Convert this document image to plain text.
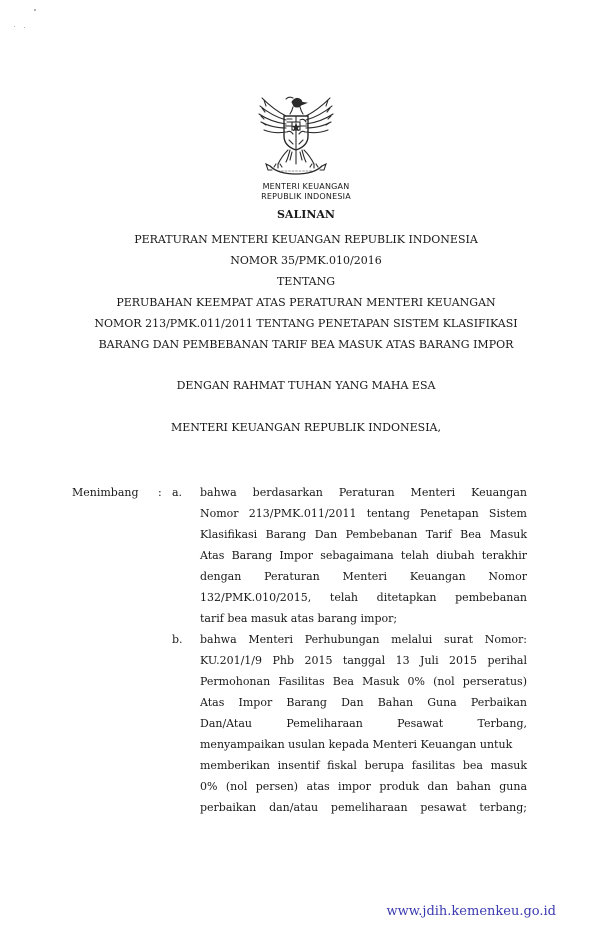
MENTERI KEUANGAN
REPUBLIK INDONESIA
SALINAN
PERATURAN MENTERI KEUANGAN REPUBLIK INDONESIA
NOMOR 35/PMK.010/2016
TENTANG
PERUBAHAN KEEMPAT ATAS PERATURAN MENTERI KEUANGAN
NOMOR 213/PMK.011/2011 TENTANG PENETAPAN SISTEM KLASIFIKASI
BARANG DAN PEMBEBANAN TARIF BEA MASUK ATAS BARANG IMPOR
DENGAN RAHMAT TUHAN YANG MAHA ESA
MENTERI KEUANGAN REPUBLIK INDONESIA,
Menimbang : a. bahwa berdasarkan Peraturan Menteri Keuangan
Nomor 213/PMK.011/2011 tentang Penetapan Sistem
Klasifikasi Barang Dan Pembebanan Tarif Bea Masuk
Atas Barang Impor sebagaimana telah diubah terakhir
dengan Peraturan Menteri Keuangan Nomor
132/PMK.010/2015, telah ditetapkan pembebanan
tarif bea masuk atas barang impor;
b. bahwa Menteri Perhubungan melalui surat Nomor:
KU.201/1/9 Phb 2015 tanggal 13 Juli 2015 perihal
Permohonan Fasilitas Bea Masuk 0% (nol perseratus)
Atas Impor Barang Dan Bahan Guna Perbaikan
Dan/Atau Pemeliharaan Pesawat Terbang,
menyampaikan usulan kepada Menteri Keuangan untuk
memberikan insentif fiskal berupa fasilitas bea masuk
0% (nol persen) atas impor produk dan bahan guna
perbaikan dan/atau pemeliharaan pesawat terbang;
www.jdih.kemenkeu.go.id
